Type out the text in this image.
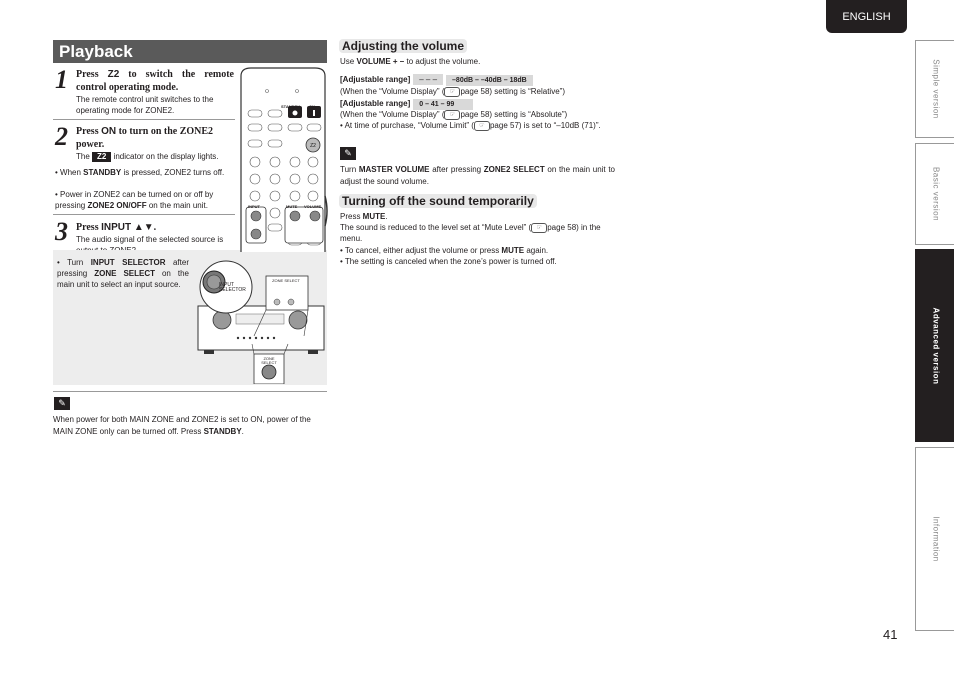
ENGLISH
Simple version
Basic version
Advanced version
Information
41
Playback
1 Press Z2 to switch the remote control operating mode.
The remote control unit switches to the operating mode for ZONE2.
2 Press ON to turn on the ZONE2 power.
The Z2 indicator on the display lights.
• When STANDBY is pressed, ZONE2 turns off.
• Power in ZONE2 can be turned on or off by pressing ZONE2 ON/OFF on the main unit.
3 Press INPUT ▲▼.
The audio signal of the selected source is
• Turn INPUT SELECTOR after pressing ZONE SELECT on the main unit to select an input source.
Z2
STANDBY ON
INPUT	MUTE VOLUME
INPUT SELECTOR
ZONE SELECT
ZONE SELECT
✎
When power for both MAIN ZONE and ZONE2 is set to ON, power of the MAIN ZONE only can be turned off. Press STANDBY.
Adjusting the volume
Use VOLUME + – to adjust the volume.
[Adjustable range] – – – –80dB – –40dB – 18dB
(When the “Volume Display” ( ☞ page 58) setting is “Relative”)
[Adjustable range] 0 – 41 – 99
(When the “Volume Display” ( ☞ page 58) setting is “Absolute”)
• At time of purchase, “Volume Limit” ( ☞ page 57) is set to “–10dB (71)”.
✎
Turn MASTER VOLUME after pressing ZONE2 SELECT on the main unit to adjust the sound volume.
Turning off the sound temporarily
Press MUTE.
The sound is reduced to the level set at “Mute Level” ( ☞ page 58) in the menu.
• To cancel, either adjust the volume or press MUTE again.
• The setting is canceled when the zone’s power is turned off.
